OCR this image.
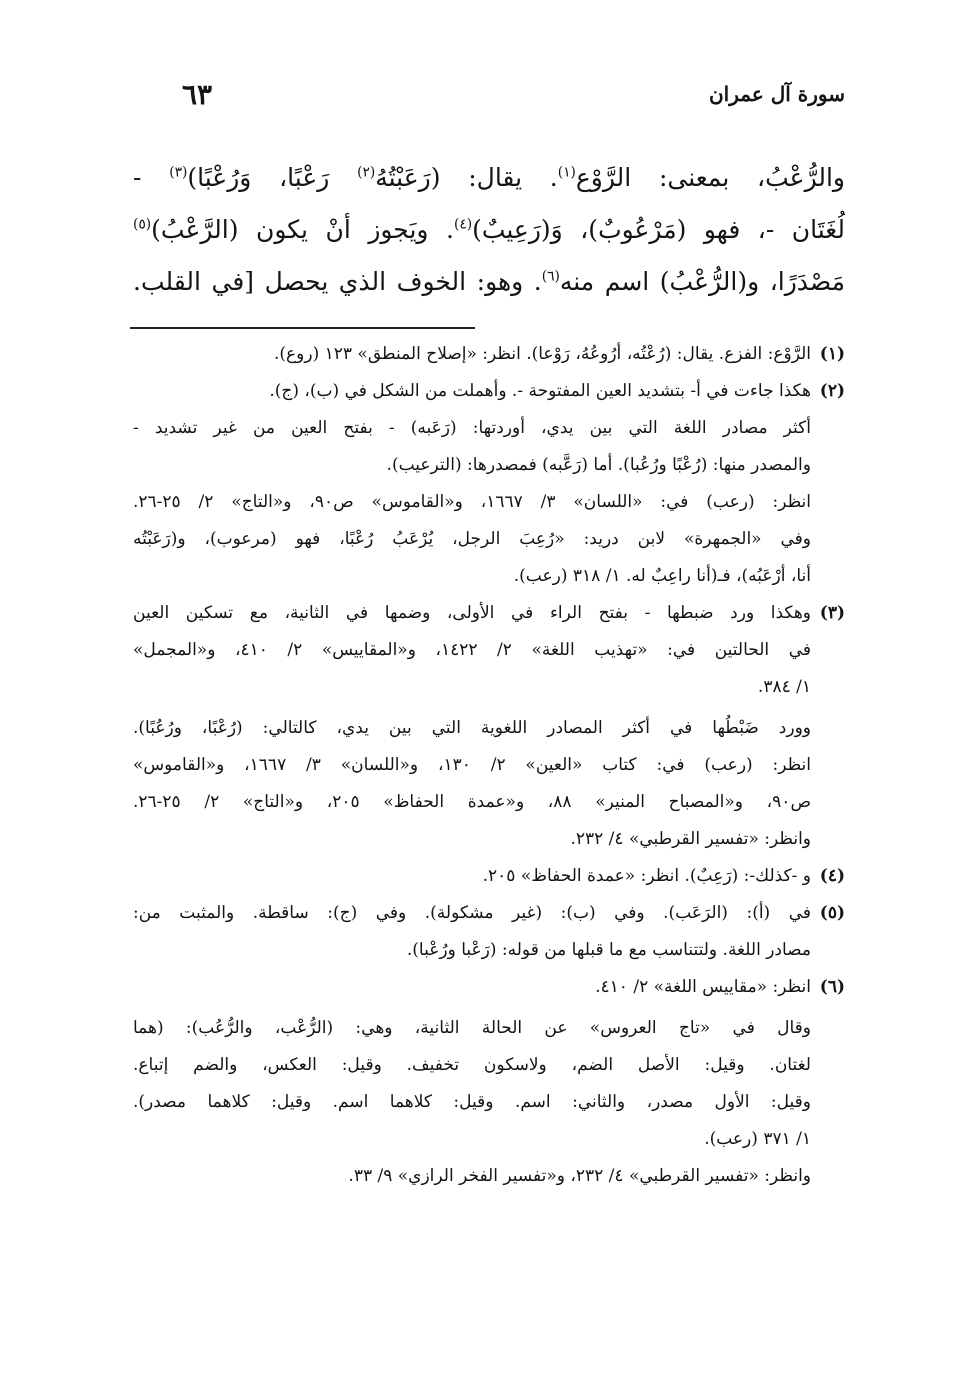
سورة آل عمران
٦٣
والرُّعْبُ، بمعنى: الرَّوْع$^{(١)}$. يقال: (رَعَبْتُهُ$^{(٢)}$ رَعْبًا، وَرُعْبًا)$^{(٣)}$ -
لُغَتَان -، فهو (مَرْعُوبٌ)، وَ(رَعِيبٌ)$^{(٤)}$. ويَجوز أنْ يكون (الرَّعْبُ)$^{(٥)}$
مَصْدَرًا، و(الرُّعْبُ) اسم منه$^{(٦)}$. وهو: الخوف الذي يحصل [في القلب.
(١)
الرَّوْع: الفزع. يقال: (رُعْتُه، أرُوعُهُ، رَوْعا). انظر: «إصلاح المنطق» ١٢٣ (روع).
(٢)
هكذا جاءت في أ- بتشديد العين المفتوحة -. وأهملت من الشكل في (ب)، (ج).
أكثر مصادر اللغة التي بين يدي، أوردتها: (رَعَبه) - بفتح العين من غير تشديد -
والمصدر منها: (رُعْبًا ورُعُبا). أما (رَعَّبه) فمصدرها: (الترعيب).
انظر: (رعب) في: «اللسان» ٣/ ١٦٦٧، و«القاموس» ص٩٠، و«التاج» ٢/ ٢٥-٢٦.
وفي «الجمهرة» لابن دريد: «رُعِبَ الرجل، يُرْعَبُ رُعْبًا، فهو (مرعوب)، و(رَعَبْتُه
أنا، أرْعَبُه)، فـ(أنا راعِبٌ له. ١/ ٣١٨ (رعب).
(٣)
وهكذا ورد ضبطها - بفتح الراء في الأولى، وضمها في الثانية، مع تسكين العين
في الحالتين في: «تهذيب اللغة» ٢/ ١٤٢٢، و«المقاييس» ٢/ ٤١٠، و«المجمل»
١/ ٣٨٤.
وورد ضَبْطُها في أكثر المصادر اللغوية التي بين يدي، كالتالي: (رُعْبًا، ورُعُبًا).
انظر: (رعب) في: كتاب «العين» ٢/ ١٣٠، و«اللسان» ٣/ ١٦٦٧، و«القاموس»
ص٩٠، و«المصباح المنير» ٨٨، و«عمدة الحفاظ» ٢٠٥، و«التاج» ٢/ ٢٥-٢٦.
وانظر: «تفسير القرطبي» ٤/ ٢٣٢.
(٤)
و -كذلك-: (رَعِبٌ). انظر: «عمدة الحفاظ» ٢٠٥.
(٥)
في (أ): (الرَعَب). وفي (ب): (غير مشكولة). وفي (ج): ساقطة. والمثبت من:
مصادر اللغة. ولتتناسب مع ما قبلها من قوله: (رَعْبا ورُعْبا).
(٦)
انظر: «مقاييس اللغة» ٢/ ٤١٠.
وقال في «تاج العروس» عن الحالة الثانية، وهي: (الرُّعْب، والرُّعُب): (هما
لغتان. وقيل: الأصل الضم، ولاسكون تخفيف. وقيل: العكس، والضم إتباع.
وقيل: الأول مصدر، والثاني: اسم. وقيل: كلاهما اسم. وقيل: كلاهما مصدر).
١/ ٣٧١ (رعب).
وانظر: «تفسير القرطبي» ٤/ ٢٣٢، و«تفسير الفخر الرازي» ٩/ ٣٣.
